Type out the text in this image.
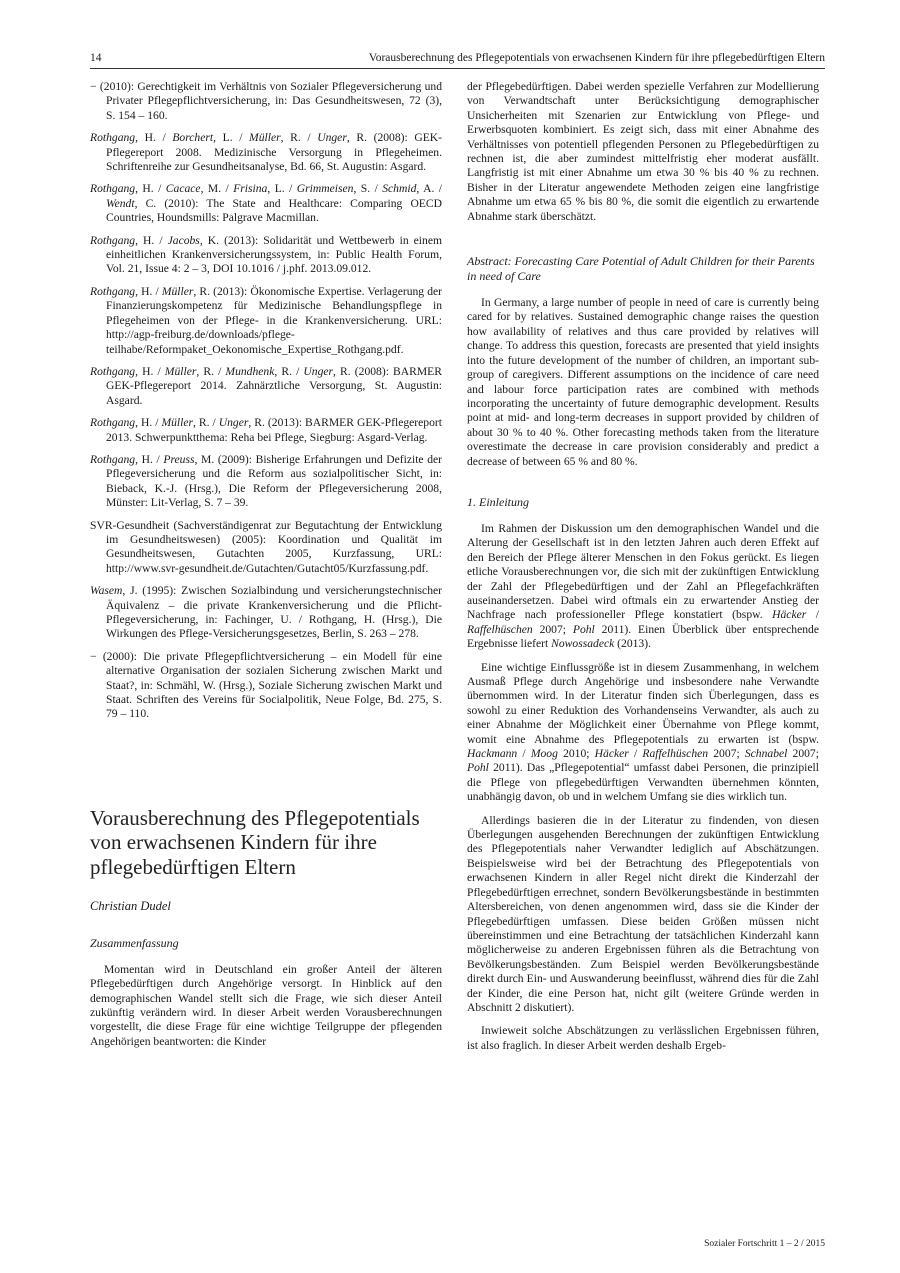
14	Vorausberechnung des Pflegepotentials von erwachsenen Kindern für ihre pflegebedürftigen Eltern
− (2010): Gerechtigkeit im Verhältnis von Sozialer Pflegeversicherung und Privater Pflegepflichtversicherung, in: Das Gesundheitswesen, 72 (3), S. 154 – 160.
Rothgang, H. / Borchert, L. / Müller, R. / Unger, R. (2008): GEK-Pflegereport 2008. Medizinische Versorgung in Pflegeheimen. Schriftenreihe zur Gesundheitsanalyse, Bd. 66, St. Augustin: Asgard.
Rothgang, H. / Cacace, M. / Frisina, L. / Grimmeisen, S. / Schmid, A. / Wendt, C. (2010): The State and Healthcare: Comparing OECD Countries, Houndsmills: Palgrave Macmillan.
Rothgang, H. / Jacobs, K. (2013): Solidarität und Wettbewerb in einem einheitlichen Krankenversicherungssystem, in: Public Health Forum, Vol. 21, Issue 4: 2 – 3, DOI 10.1016 / j.phf. 2013.09.012.
Rothgang, H. / Müller, R. (2013): Ökonomische Expertise. Verlagerung der Finanzierungskompetenz für Medizinische Behandlungspflege in Pflegeheimen von der Pflege- in die Krankenversicherung. URL: http://agp-freiburg.de/downloads/pflege-teilhabe/Reformpaket_Oekonomische_Expertise_Rothgang.pdf.
Rothgang, H. / Müller, R. / Mundhenk, R. / Unger, R. (2008): BARMER GEK-Pflegereport 2014. Zahnärztliche Versorgung, St. Augustin: Asgard.
Rothgang, H. / Müller, R. / Unger, R. (2013): BARMER GEK-Pflegereport 2013. Schwerpunktthema: Reha bei Pflege, Siegburg: Asgard-Verlag.
Rothgang, H. / Preuss, M. (2009): Bisherige Erfahrungen und Defizite der Pflegeversicherung und die Reform aus sozialpolitischer Sicht, in: Bieback, K.-J. (Hrsg.), Die Reform der Pflegeversicherung 2008, Münster: Lit-Verlag, S. 7 – 39.
SVR-Gesundheit (Sachverständigenrat zur Begutachtung der Entwicklung im Gesundheitswesen) (2005): Koordination und Qualität im Gesundheitswesen, Gutachten 2005, Kurzfassung, URL: http://www.svr-gesundheit.de/Gutachten/Gutacht05/Kurzfassung.pdf.
Wasem, J. (1995): Zwischen Sozialbindung und versicherungstechnischer Äquivalenz – die private Krankenversicherung und die Pflicht-Pflegeversicherung, in: Fachinger, U. / Rothgang, H. (Hrsg.), Die Wirkungen des Pflege-Versicherungsgesetzes, Berlin, S. 263 – 278.
− (2000): Die private Pflegepflichtversicherung – ein Modell für eine alternative Organisation der sozialen Sicherung zwischen Markt und Staat?, in: Schmähl, W. (Hrsg.), Soziale Sicherung zwischen Markt und Staat. Schriften des Vereins für Socialpolitik, Neue Folge, Bd. 275, S. 79 – 110.
Vorausberechnung des Pflegepotentials von erwachsenen Kindern für ihre pflegebedürftigen Eltern
Christian Dudel
Zusammenfassung

Momentan wird in Deutschland ein großer Anteil der älteren Pflegebedürftigen durch Angehörige versorgt. In Hinblick auf den demographischen Wandel stellt sich die Frage, wie sich dieser Anteil zukünftig verändern wird. In dieser Arbeit werden Vorausberechnungen vorgestellt, die diese Frage für eine wichtige Teilgruppe der pflegenden Angehörigen beantworten: die Kinder

der Pflegebedürftigen. Dabei werden spezielle Verfahren zur Modellierung von Verwandtschaft unter Berücksichtigung demographischer Unsicherheiten mit Szenarien zur Entwicklung von Pflege- und Erwerbsquoten kombiniert. Es zeigt sich, dass mit einer Abnahme des Verhältnisses von potentiell pflegenden Personen zu Pflegebedürftigen zu rechnen ist, die aber zumindest mittelfristig eher moderat ausfällt. Langfristig ist mit einer Abnahme um etwa 30 % bis 40 % zu rechnen. Bisher in der Literatur angewendete Methoden zeigen eine langfristige Abnahme um etwa 65 % bis 80 %, die somit die eigentlich zu erwartende Abnahme stark überschätzt.

Abstract: Forecasting Care Potential of Adult Children for their Parents in need of Care

In Germany, a large number of people in need of care is currently being cared for by relatives. Sustained demographic change raises the question how availability of relatives and thus care provided by relatives will change. To address this question, forecasts are presented that yield insights into the future development of the number of children, an important sub-group of caregivers. Different assumptions on the incidence of care need and labour force participation rates are combined with methods incorporating the uncertainty of future demographic development. Results point at mid- and long-term decreases in support provided by children of about 30 % to 40 %. Other forecasting methods taken from the literature overestimate the decrease in care provision considerably and predict a decrease of between 65 % and 80 %.

1. Einleitung

Im Rahmen der Diskussion um den demographischen Wandel und die Alterung der Gesellschaft ist in den letzten Jahren auch deren Effekt auf den Bereich der Pflege älterer Menschen in den Fokus gerückt. Es liegen etliche Vorausberechnungen vor, die sich mit der zukünftigen Entwicklung der Zahl der Pflegebedürftigen und der Zahl an Pflegefachkräften auseinandersetzen. Dabei wird oftmals ein zu erwartender Anstieg der Nachfrage nach professioneller Pflege konstatiert (bspw. Häcker / Raffelhüschen 2007; Pohl 2011). Einen Überblick über entsprechende Ergebnisse liefert Nowossadeck (2013).

Eine wichtige Einflussgröße ist in diesem Zusammenhang, in welchem Ausmaß Pflege durch Angehörige und insbesondere nahe Verwandte übernommen wird. In der Literatur finden sich Überlegungen, dass es sowohl zu einer Reduktion des Vorhandenseins Verwandter, als auch zu einer Abnahme der Möglichkeit einer Übernahme von Pflege kommt, womit eine Abnahme des Pflegepotentials zu erwarten ist (bspw. Hackmann / Moog 2010; Häcker / Raffelhüschen 2007; Schnabel 2007; Pohl 2011). Das „Pflegepotential“ umfasst dabei Personen, die prinzipiell die Pflege von pflegebedürftigen Verwandten übernehmen könnten, unabhängig davon, ob und in welchem Umfang sie dies wirklich tun.

Allerdings basieren die in der Literatur zu findenden, von diesen Überlegungen ausgehenden Berechnungen der zukünftigen Entwicklung des Pflegepotentials naher Verwandter lediglich auf Abschätzungen. Beispielsweise wird bei der Betrachtung des Pflegepotentials von erwachsenen Kindern in aller Regel nicht direkt die Kinderzahl der Pflegebedürftigen errechnet, sondern Bevölkerungsbestände in bestimmten Altersbereichen, von denen angenommen wird, dass sie die Kinder der Pflegebedürftigen umfassen. Diese beiden Größen müssen nicht übereinstimmen und eine Betrachtung der tatsächlichen Kinderzahl kann möglicherweise zu anderen Ergebnissen führen als die Betrachtung von Bevölkerungsbeständen. Zum Beispiel werden Bevölkerungsbestände direkt durch Ein- und Auswanderung beeinflusst, während dies für die Zahl der Kinder, die eine Person hat, nicht gilt (weitere Gründe werden in Abschnitt 2 diskutiert).

Inwieweit solche Abschätzungen zu verlässlichen Ergebnissen führen, ist also fraglich. In dieser Arbeit werden deshalb Ergeb-

Sozialer Fortschritt 1 – 2 / 2015
